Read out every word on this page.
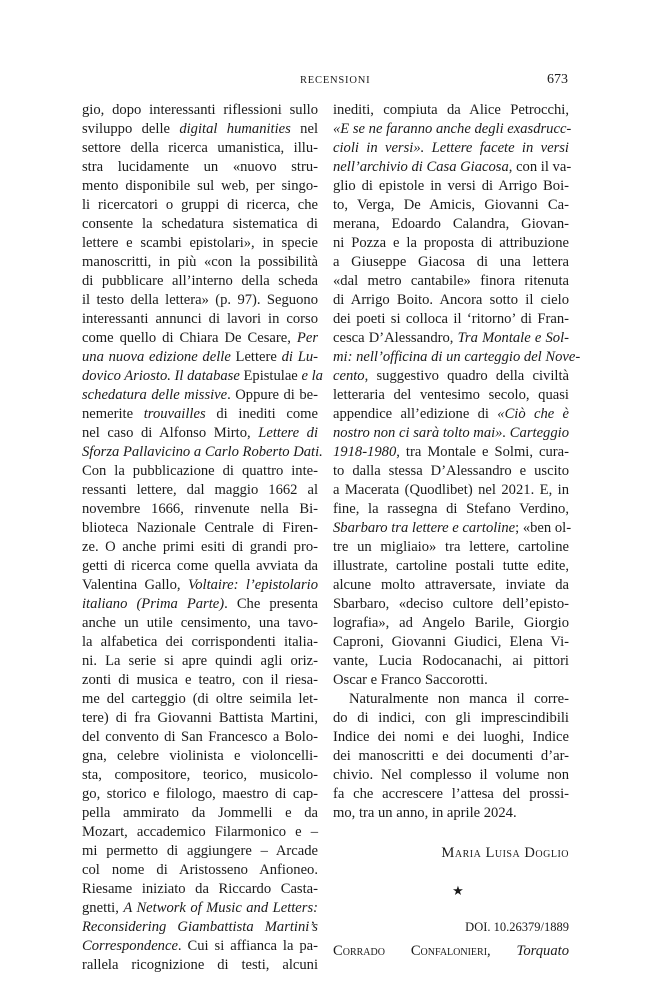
RECENSIONI	673
gio, dopo interessanti riflessioni sullo
sviluppo delle digital humanities nel
settore della ricerca umanistica, illu-
stra lucidamente un «nuovo stru-
mento disponibile sul web, per singo-
li ricercatori o gruppi di ricerca, che
consente la schedatura sistematica di
lettere e scambi epistolari», in specie
manoscritti, in più «con la possibilità
di pubblicare all’interno della scheda
il testo della lettera» (p. 97). Seguono
interessanti annunci di lavori in corso
come quello di Chiara De Cesare, Per
una nuova edizione delle Lettere di Lu-
dovico Ariosto. Il database Epistulae e la
schedatura delle missive. Oppure di be-
nemerite trouvailles di inediti come
nel caso di Alfonso Mirto, Lettere di
Sforza Pallavicino a Carlo Roberto Dati.
Con la pubblicazione di quattro inte-
ressanti lettere, dal maggio 1662 al
novembre 1666, rinvenute nella Bi-
blioteca Nazionale Centrale di Firen-
ze. O anche primi esiti di grandi pro-
getti di ricerca come quella avviata da
Valentina Gallo, Voltaire: l’epistolario
italiano (Prima Parte). Che presenta
anche un utile censimento, una tavo-
la alfabetica dei corrispondenti italia-
ni. La serie si apre quindi agli oriz-
zonti di musica e teatro, con il riesa-
me del carteggio (di oltre seimila let-
tere) di fra Giovanni Battista Martini,
del convento di San Francesco a Bolo-
gna, celebre violinista e violoncelli-
sta, compositore, teorico, musicolo-
go, storico e filologo, maestro di cap-
pella ammirato da Jommelli e da
Mozart, accademico Filarmonico e –
mi permetto di aggiungere – Arcade
col nome di Aristosseno Anfioneo.
Riesame iniziato da Riccardo Casta-
gnetti, A Network of Music and Letters:
Reconsidering Giambattista Martini’s
Correspondence. Cui si affianca la pa-
rallela ricognizione di testi, alcuni
inediti, compiuta da Alice Petrocchi,
«E se ne faranno anche degli exasdrucc-
cioli in versi». Lettere facete in versi
nell’archivio di Casa Giacosa, con il va-
glio di epistole in versi di Arrigo Boi-
to, Verga, De Amicis, Giovanni Ca-
merana, Edoardo Calandra, Giovan-
ni Pozza e la proposta di attribuzione
a Giuseppe Giacosa di una lettera
«dal metro cantabile» finora ritenuta
di Arrigo Boito. Ancora sotto il cielo
dei poeti si colloca il ‘ritorno’ di Fran-
cesca D’Alessandro, Tra Montale e Sol-
mi: nell’officina di un carteggio del Nove-
cento, suggestivo quadro della civiltà
letteraria del ventesimo secolo, quasi
appendice all’edizione di «Ciò che è
nostro non ci sarà tolto mai». Carteggio
1918-1980, tra Montale e Solmi, cura-
to dalla stessa D’Alessandro e uscito
a Macerata (Quodlibet) nel 2021. E, in
fine, la rassegna di Stefano Verdino,
Sbarbaro tra lettere e cartoline; «ben ol-
tre un migliaio» tra lettere, cartoline
illustrate, cartoline postali tutte edite,
alcune molto attraversate, inviate da
Sbarbaro, «deciso cultore dell’episto-
lografia», ad Angelo Barile, Giorgio
Caproni, Giovanni Giudici, Elena Vi-
vante, Lucia Rodocanachi, ai pittori
Oscar e Franco Saccorotti.
Naturalmente non manca il corre-
do di indici, con gli imprescindibili
Indice dei nomi e dei luoghi, Indice
dei manoscritti e dei documenti d’ar-
chivio. Nel complesso il volume non
fa che accrescere l’attesa del prossi-
mo, tra un anno, in aprile 2024.
Maria Luisa Doglio
★
DOI. 10.26379/1889
Corrado Confalonieri, Torquato
